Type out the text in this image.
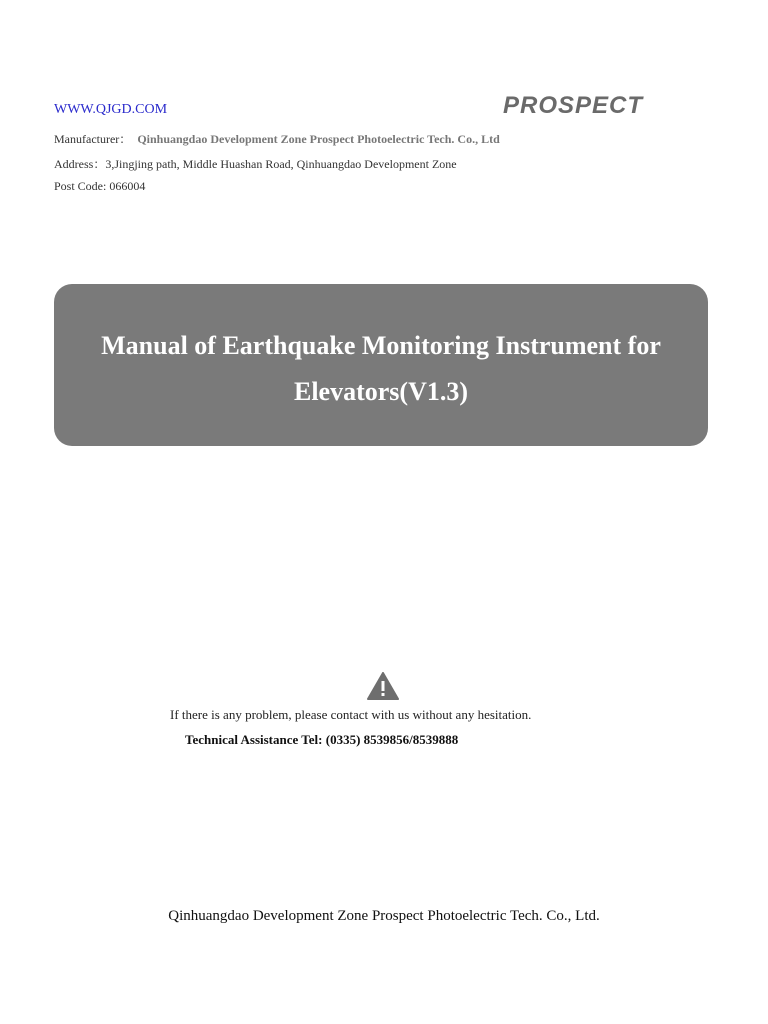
WWW.QJGD.COM	PROSPECT
Manufacturer： Qinhuangdao Development Zone Prospect Photoelectric Tech. Co., Ltd
Address：3,Jingjing path, Middle Huashan Road, Qinhuangdao Development Zone
Post Code: 066004
Manual of Earthquake Monitoring Instrument for
Elevators(V1.3)
If there is any problem, please contact with us without any hesitation.
Technical Assistance Tel: (0335) 8539856/8539888
Qinhuangdao Development Zone Prospect Photoelectric Tech. Co., Ltd.
